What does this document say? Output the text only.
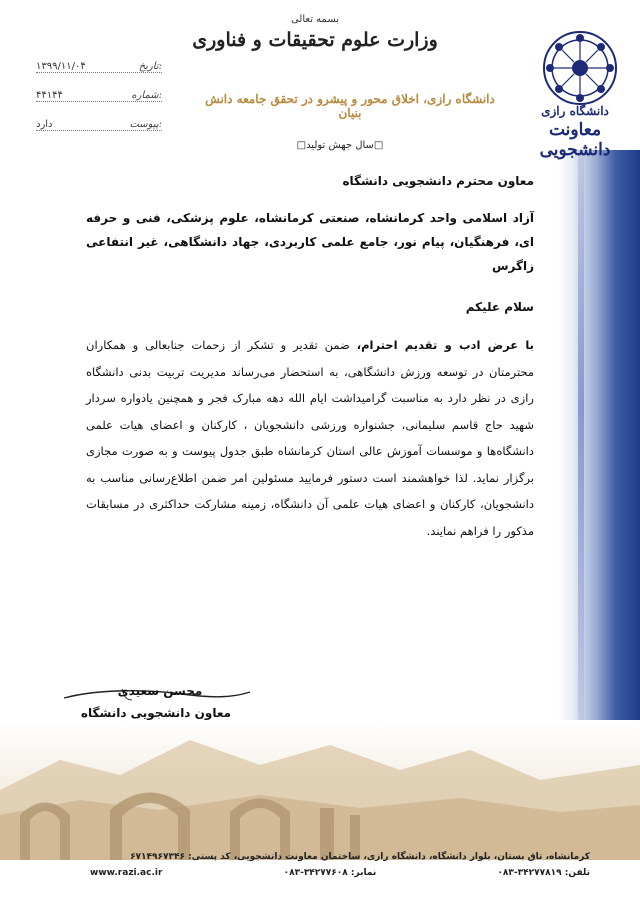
دانشگاه رازی
معاونت دانشجویی
بسمه تعالی
وزارت علوم تحقیقات و فناوری
دانشگاه رازی، اخلاق محور و پیشرو در تحقق جامعه دانش بنیان
۱۳۹۹/۱۱/۰۴	تاریخ:
۴۴۱۴۴	شماره:
دارد	پیوست:
□سال جهش تولید□
معاون محترم دانشجویی دانشگاه
آزاد اسلامی واحد کرمانشاه، صنعتی کرمانشاه، علوم پزشکی، فنی و حرفه ای، فرهنگیان، پیام نور، جامع علمی کاربردی، جهاد دانشگاهی، غیر انتفاعی زاگرس
سلام علیکم
با عرض ادب و تقدیم احترام، ضمن تقدیر و تشکر از زحمات جنابعالی و همکاران محترمتان در توسعه ورزش دانشگاهی، به استحضار می‌رساند مدیریت تربیت بدنی دانشگاه رازی در نظر دارد به مناسبت گرامیداشت ایام الله دهه مبارک فجر و همچنین یادواره سردار شهید حاج قاسم سلیمانی، جشنواره ورزشی دانشجویان ، کارکنان و اعضای هیات علمی دانشگاه‌ها و موسسات آموزش عالی استان کرمانشاه طبق جدول پیوست و به صورت مجازی برگزار نماید. لذا خواهشمند است دستور فرمایید مسئولین امر ضمن اطلاع‌رسانی مناسب به دانشجویان، کارکنان و اعضای هیات علمی آن دانشگاه، زمینه مشارکت حداکثری در مسابقات مذکور را فراهم نمایند.
محسن سعیدی
معاون دانشجویی دانشگاه
کرمانشاه، تاق بستان، بلوار دانشگاه، دانشگاه رازی، ساختمان معاونت دانشجویی، کد پستی: ۶۷۱۴۹۶۷۳۴۶
تلفن: ۳۴۲۷۷۸۱۹-۰۸۳
نمابر: ۳۴۲۷۷۶۰۸-۰۸۳
www.razi.ac.ir
